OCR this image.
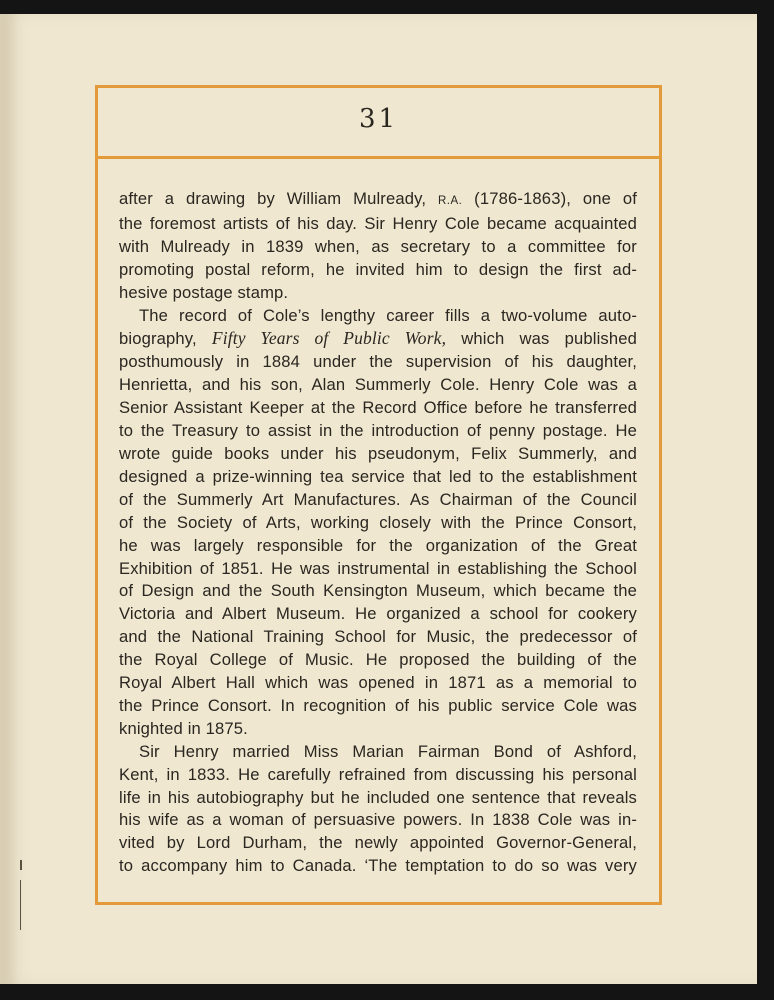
31
after a drawing by William Mulready, R.A. (1786-1863), one of
the foremost artists of his day. Sir Henry Cole became acquainted
with Mulready in 1839 when, as secretary to a committee for
promoting postal reform, he invited him to design the first ad-
hesive postage stamp.
The record of Cole’s lengthy career fills a two-volume auto-
biography, Fifty Years of Public Work, which was published
posthumously in 1884 under the supervision of his daughter,
Henrietta, and his son, Alan Summerly Cole. Henry Cole was a
Senior Assistant Keeper at the Record Office before he transferred
to the Treasury to assist in the introduction of penny postage. He
wrote guide books under his pseudonym, Felix Summerly, and
designed a prize-winning tea service that led to the establishment
of the Summerly Art Manufactures. As Chairman of the Council
of the Society of Arts, working closely with the Prince Consort,
he was largely responsible for the organization of the Great
Exhibition of 1851. He was instrumental in establishing the School
of Design and the South Kensington Museum, which became the
Victoria and Albert Museum. He organized a school for cookery
and the National Training School for Music, the predecessor of
the Royal College of Music. He proposed the building of the
Royal Albert Hall which was opened in 1871 as a memorial to
the Prince Consort. In recognition of his public service Cole was
knighted in 1875.
Sir Henry married Miss Marian Fairman Bond of Ashford,
Kent, in 1833. He carefully refrained from discussing his personal
life in his autobiography but he included one sentence that reveals
his wife as a woman of persuasive powers. In 1838 Cole was in-
vited by Lord Durham, the newly appointed Governor-General,
to accompany him to Canada. ‘The temptation to do so was very
